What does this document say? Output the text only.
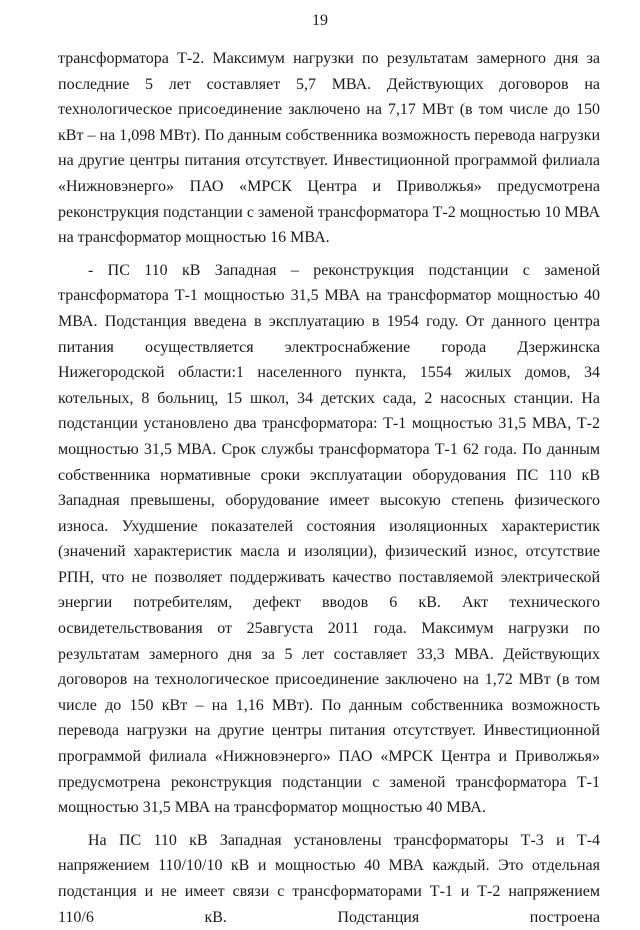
19

трансформатора Т-2. Максимум нагрузки по результатам замерного дня за последние 5 лет составляет 5,7 МВА. Действующих договоров на технологическое присоединение заключено на 7,17 МВт (в том числе до 150 кВт – на 1,098 МВт). По данным собственника возможность перевода нагрузки на другие центры питания отсутствует. Инвестиционной программой филиала «Нижновэнерго» ПАО «МРСК Центра и Приволжья» предусмотрена реконструкция подстанции с заменой трансформатора Т-2 мощностью 10 МВА на трансформатор мощностью 16 МВА.

- ПС 110 кВ Западная – реконструкция подстанции с заменой трансформатора Т-1 мощностью 31,5 МВА на трансформатор мощностью 40 МВА. Подстанция введена в эксплуатацию в 1954 году. От данного центра питания осуществляется электроснабжение города Дзержинска Нижегородской области:1 населенного пункта, 1554 жилых домов, 34 котельных, 8 больниц, 15 школ, 34 детских сада, 2 насосных станции. На подстанции установлено два трансформатора: Т-1 мощностью 31,5 МВА, Т-2 мощностью 31,5 МВА. Срок службы трансформатора Т-1 62 года. По данным собственника нормативные сроки эксплуатации оборудования ПС 110 кВ Западная превышены, оборудование имеет высокую степень физического износа. Ухудшение показателей состояния изоляционных характеристик (значений характеристик масла и изоляции), физический износ, отсутствие РПН, что не позволяет поддерживать качество поставляемой электрической энергии потребителям, дефект вводов 6 кВ. Акт технического освидетельствования от 25августа 2011 года. Максимум нагрузки по результатам замерного дня за 5 лет составляет 33,3 МВА. Действующих договоров на технологическое присоединение заключено на 1,72 МВт (в том числе до 150 кВт – на 1,16 МВт). По данным собственника возможность перевода нагрузки на другие центры питания отсутствует. Инвестиционной программой филиала «Нижновэнерго» ПАО «МРСК Центра и Приволжья» предусмотрена реконструкция подстанции с заменой трансформатора Т-1 мощностью 31,5 МВА на трансформатор мощностью 40 МВА.

На ПС 110 кВ Западная установлены трансформаторы Т-3 и Т-4 напряжением 110/10/10 кВ и мощностью 40 МВА каждый. Это отдельная подстанция и не имеет связи с трансформаторами Т-1 и Т-2 напряжением 110/6 кВ. Подстанция построена
